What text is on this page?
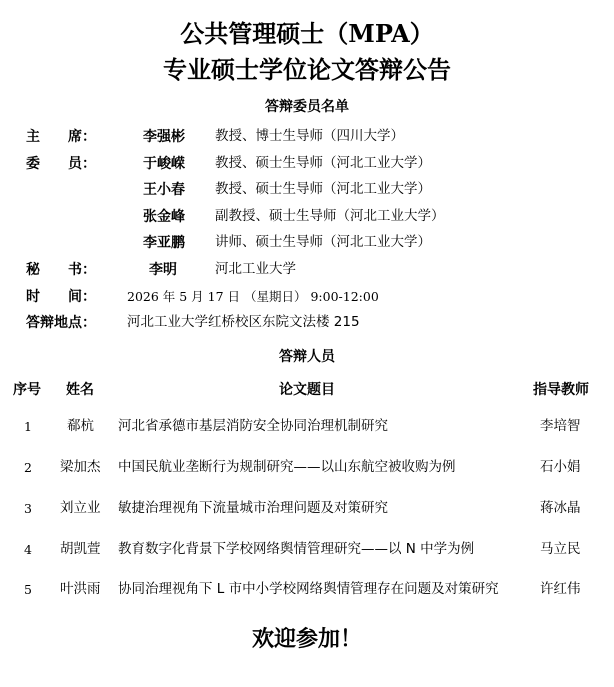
公共管理硕士（MPA）
专业硕士学位论文答辩公告
答辩委员名单
主　　席：	李强彬 教授、博士生导师（四川大学）
委　　员：	于峻嵘 教授、硕士生导师（河北工业大学）
王小春 教授、硕士生导师（河北工业大学）
张金峰 副教授、硕士生导师（河北工业大学）
李亚鹏 讲师、硕士生导师（河北工业大学）
秘　　书：	李明	河北工业大学
时　　间： 2026 年 5 月 17 日 （星期日） 9:00-12:00
答辩地点： 河北工业大学红桥校区东院文法楼 215
答辩人员
序号 姓名	论文题目	指导教师
1	郗杭 河北省承德市基层消防安全协同治理机制研究	李培智
2 梁加杰 中国民航业垄断行为规制研究——以山东航空被收购为例	石小娟
3 刘立业 敏捷治理视角下流量城市治理问题及对策研究	蒋冰晶
4 胡凯萱 教育数字化背景下学校网络舆情管理研究——以 N 中学为例	马立民
5 叶洪雨 协同治理视角下 L 市中小学校网络舆情管理存在问题及对策研究	许红伟
欢迎参加！
